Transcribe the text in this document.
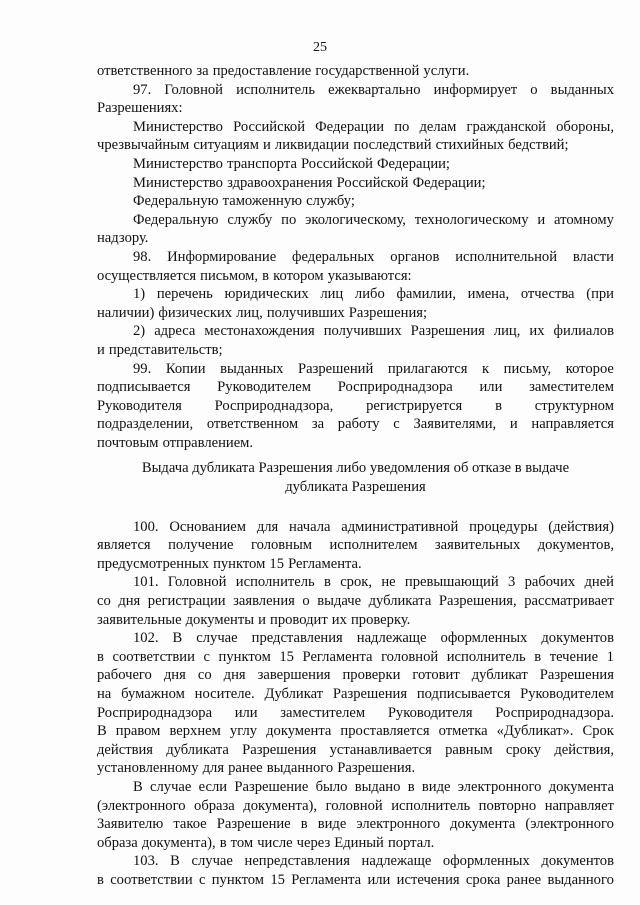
25
ответственного за предоставление государственной услуги.
97. Головной исполнитель ежеквартально информирует о выданных
Разрешениях:
Министерство Российской Федерации по делам гражданской обороны,
чрезвычайным ситуациям и ликвидации последствий стихийных бедствий;
Министерство транспорта Российской Федерации;
Министерство здравоохранения Российской Федерации;
Федеральную таможенную службу;
Федеральную службу по экологическому, технологическому и атомному
надзору.
98. Информирование федеральных органов исполнительной власти
осуществляется письмом, в котором указываются:
1) перечень юридических лиц либо фамилии, имена, отчества (при
наличии) физических лиц, получивших Разрешения;
2) адреса местонахождения получивших Разрешения лиц, их филиалов
и представительств;
99. Копии выданных Разрешений прилагаются к письму, которое
подписывается Руководителем Росприроднадзора или заместителем
Руководителя Росприроднадзора, регистрируется в структурном
подразделении, ответственном за работу с Заявителями, и направляется
почтовым отправлением.
Выдача дубликата Разрешения либо уведомления об отказе в выдаче
дубликата Разрешения
100. Основанием для начала административной процедуры (действия)
является получение головным исполнителем заявительных документов,
предусмотренных пунктом 15 Регламента.
101. Головной исполнитель в срок, не превышающий 3 рабочих дней
со дня регистрации заявления о выдаче дубликата Разрешения, рассматривает
заявительные документы и проводит их проверку.
102. В случае представления надлежаще оформленных документов
в соответствии с пунктом 15 Регламента головной исполнитель в течение 1
рабочего дня со дня завершения проверки готовит дубликат Разрешения
на бумажном носителе. Дубликат Разрешения подписывается Руководителем
Росприроднадзора или заместителем Руководителя Росприроднадзора.
В правом верхнем углу документа проставляется отметка «Дубликат». Срок
действия дубликата Разрешения устанавливается равным сроку действия,
установленному для ранее выданного Разрешения.
В случае если Разрешение было выдано в виде электронного документа
(электронного образа документа), головной исполнитель повторно направляет
Заявителю такое Разрешение в виде электронного документа (электронного
образа документа), в том числе через Единый портал.
103. В случае непредставления надлежаще оформленных документов
в соответствии с пунктом 15 Регламента или истечения срока ранее выданного
